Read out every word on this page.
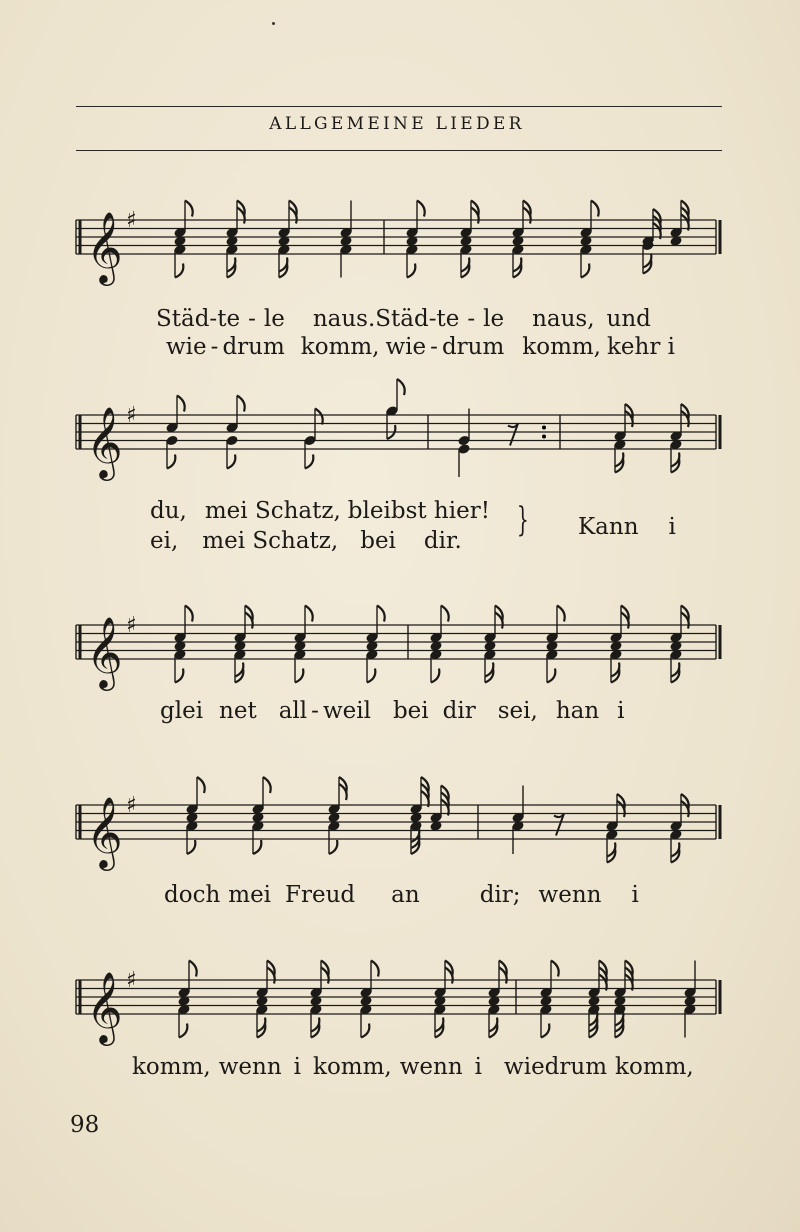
ALLGEMEINE LIEDER
𝄞 ♯
Städ-te - le naus.Städ-te - le naus, und
wie - drum komm, wie - drum komm, kehr i
𝄞 ♯
du, mei Schatz, bleibst hier!
ei, mei Schatz, bei dir.
} Kann i
𝄞 ♯
glei net all - weil bei dir sei, han i
𝄞 ♯
doch mei Freud an	dir; wenn i
𝄞 ♯
komm, wenn i komm, wenn i wiedrum komm,
98
